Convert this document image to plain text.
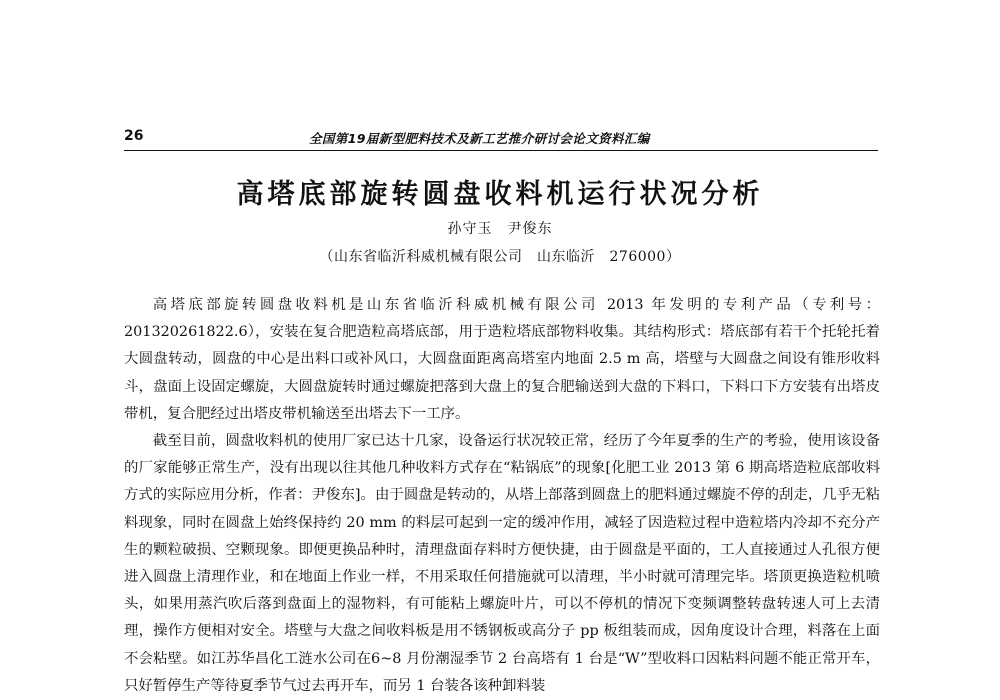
26	全国第19届新型肥料技术及新工艺推介研讨会论文资料汇编
高塔底部旋转圆盘收料机运行状况分析
孙守玉　尹俊东
（山东省临沂科威机械有限公司　山东临沂　276000）

高塔底部旋转圆盘收料机是山东省临沂科威机械有限公司 2013 年发明的专利产品（专利号：201320261822.6），安装在复合肥造粒高塔底部，用于造粒塔底部物料收集。其结构形式：塔底部有若干个托轮托着大圆盘转动，圆盘的中心是出料口或补风口，大圆盘面距离高塔室内地面 2.5 m 高，塔壁与大圆盘之间设有锥形收料斗，盘面上设固定螺旋，大圆盘旋转时通过螺旋把落到大盘上的复合肥输送到大盘的下料口，下料口下方安装有出塔皮带机，复合肥经过出塔皮带机输送至出塔去下一工序。

截至目前，圆盘收料机的使用厂家已达十几家，设备运行状况较正常，经历了今年夏季的生产的考验，使用该设备的厂家能够正常生产，没有出现以往其他几种收料方式存在“粘锅底”的现象[化肥工业 2013 第 6 期高塔造粒底部收料方式的实际应用分析，作者：尹俊东]。由于圆盘是转动的，从塔上部落到圆盘上的肥料通过螺旋不停的刮走，几乎无粘料现象，同时在圆盘上始终保持约 20 mm 的料层可起到一定的缓冲作用，减轻了因造粒过程中造粒塔内冷却不充分产生的颗粒破损、空颗现象。即便更换品种时，清理盘面存料时方便快捷，由于圆盘是平面的，工人直接通过人孔很方便进入圆盘上清理作业，和在地面上作业一样，不用采取任何措施就可以清理，半小时就可清理完毕。塔顶更换造粒机喷头，如果用蒸汽吹后落到盘面上的湿物料，有可能粘上螺旋叶片，可以不停机的情况下变频调整转盘转速人可上去清理，操作方便相对安全。塔壁与大盘之间收料板是用不锈钢板或高分子 pp 板组装而成，因角度设计合理，料落在上面不会粘壁。如江苏华昌化工涟水公司在6~8 月份潮湿季节 2 台高塔有 1 台是“W”型收料口因粘料问题不能正常开车，只好暂停生产等待夏季节气过去再开车，而另 1 台装各该种卸料装
